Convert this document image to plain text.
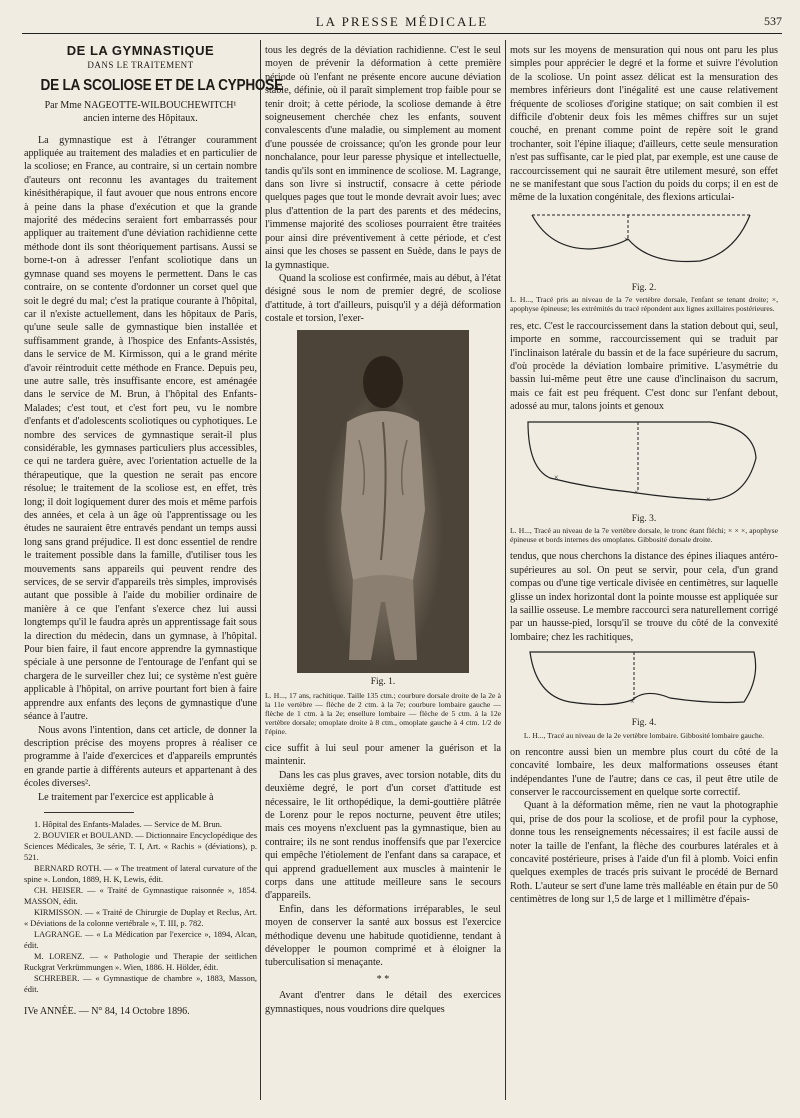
LA PRESSE MÉDICALE	537
DE LA GYMNASTIQUE
DANS LE TRAITEMENT
DE LA SCOLIOSE ET DE LA CYPHOSE
Par Mme NAGEOTTE-WILBOUCHEWITCH¹
ancien interne des Hôpitaux.

La gymnastique est à l'étranger couramment appliquée au traitement des maladies et en particulier de la scoliose; en France, au contraire, si un certain nombre d'auteurs ont reconnu les avantages du traitement kinésithérapique, il faut avouer que nous entrons encore à peine dans la phase d'exécution et que la grande majorité des médecins seraient fort embarrassés pour appliquer au traitement d'une déviation rachidienne cette méthode dont ils sont théoriquement partisans. Aussi se borne-t-on à adresser l'enfant scoliotique dans un gymnase quand ses moyens le permettent. Dans le cas contraire, on se contente d'ordonner un corset quel que soit le degré du mal; c'est la pratique courante à l'hôpital, car il n'existe actuellement, dans les hôpitaux de Paris, qu'une seule salle de gymnastique bien installée et suffisamment grande, à l'hospice des Enfants-Assistés, dans le service de M. Kirmisson, qui a le grand mérite d'avoir réintroduit cette méthode en France. Depuis peu, une autre salle, très insuffisante encore, est aménagée dans le service de M. Brun, à l'hôpital des Enfants-Malades; c'est tout, et c'est fort peu, vu le nombre d'enfants et d'adolescents scoliotiques ou cyphotiques. Le nombre des services de gymnastique serait-il plus considérable, les gymnases particuliers plus accessibles, ce qui ne tardera guère, avec l'orientation actuelle de la thérapeutique, que la question ne serait pas encore résolue; le traitement de la scoliose est, en effet, très long; il doit logiquement durer des mois et même parfois des années, et cela à un âge où l'apprentissage ou les études ne sauraient être entravés pendant un temps aussi long sans grand préjudice. Il est donc essentiel de rendre le traitement possible dans la famille, d'utiliser tous les mouvements sans appareils qui peuvent rendre des services, de se servir d'appareils très simples, improvisés autant que possible à l'aide du mobilier ordinaire de manière à ce que l'enfant s'exerce chez lui aussi longtemps qu'il le faudra après un apprentissage fait sous la direction du médecin, dans un gymnase, à l'hôpital. Pour bien faire, il faut encore apprendre la gymnastique spéciale à une personne de l'entourage de l'enfant qui se chargera de le surveiller chez lui; ce système n'est guère applicable à l'hôpital, on arrive pourtant fort bien à faire apprendre aux enfants des leçons de gymnastique d'une séance à l'autre.

Nous avons l'intention, dans cet article, de donner la description précise des moyens propres à réaliser ce programme à l'aide d'exercices et d'appareils empruntés en grande partie à différents auteurs et appartenant à des écoles diverses².

Le traitement par l'exercice est applicable à

1. Hôpital des Enfants-Malades. — Service de M. Brun.
2. BOUVIER et BOULAND. — Dictionnaire Encyclopédique des Sciences Médicales, 3e série, T. I, Art. « Rachis » (déviations), p. 521.
BERNARD ROTH. — « The treatment of lateral curvature of the spine ». London, 1889, H. K, Lewis, édit.
CH. HEISER. — « Traité de Gymnastique raisonnée », 1854. MASSON, édit.
KIRMISSON. — « Traité de Chirurgie de Duplay et Reclus, Art. « Déviations de la colonne vertébrale », T. III, p. 782.
LAGRANGE. — « La Médication par l'exercice », 1894, Alcan, édit.
M. LORENZ. — « Pathologie und Therapie der seitlichen Ruckgrat Verkrümmungen ». Wien, 1886. H. Hölder, édit.
SCHREBER. — « Gymnastique de chambre », 1883, Masson, édit.
IVe ANNÉE. — N° 84, 14 Octobre 1896.

tous les degrés de la déviation rachidienne. C'est le seul moyen de prévenir la déformation à cette première période où l'enfant ne présente encore aucune déviation stable, définie, où il paraît simplement trop faible pour se tenir droit; à cette période, la scoliose demande à être soigneusement cherchée chez les enfants, souvent convalescents d'une maladie, ou simplement au moment d'une poussée de croissance; qu'on les gronde pour leur nonchalance, pour leur paresse physique et intellectuelle, tandis qu'ils sont en imminence de scoliose. M. Lagrange, dans son livre si instructif, consacre à cette période quelques pages que tout le monde devrait avoir lues; avec plus d'attention de la part des parents et des médecins, l'immense majorité des scolioses pourraient être traitées pour ainsi dire préventivement à cette période, et c'est ainsi que les choses se passent en Suède, dans le pays de la gymnastique.

Quand la scoliose est confirmée, mais au début, à l'état désigné sous le nom de premier degré, de scoliose d'attitude, à tort d'ailleurs, puisqu'il y a déjà déformation costale et torsion, l'exer-

Fig. 1.
L. H..., 17 ans, rachitique. Taille 135 ctm.; courbure dorsale droite de la 2e à la 11e vertèbre — flèche de 2 ctm. à la 7e; courbure lombaire gauche — flèche de 1 ctm. à la 2e; ensellure lombaire — flèche de 5 ctm. à la 12e vertèbre dorsale; omoplate droite à 8 ctm., omoplate gauche à 4 ctm. 1/2 de l'épine.

cice suffit à lui seul pour amener la guérison et la maintenir.

Dans les cas plus graves, avec torsion notable, dits du deuxième degré, le port d'un corset d'attitude est nécessaire, le lit orthopédique, la demi-gouttière plâtrée de Lorenz pour le repos nocturne, peuvent être utiles; mais ces moyens n'excluent pas la gymnastique, bien au contraire; ils ne sont rendus inoffensifs que par l'exercice qui empêche l'étiolement de l'enfant dans sa carapace, et qui apprend graduellement aux muscles à maintenir le corps dans une attitude meilleure sans le secours d'appareils.

Enfin, dans les déformations irréparables, le seul moyen de conserver la santé aux bossus est l'exercice méthodique devenu une habitude quotidienne, tendant à développer le poumon comprimé et à éloigner la tuberculisation si menaçante.

* *

Avant d'entrer dans le détail des exercices gymnastiques, nous voudrions dire quelques

mots sur les moyens de mensuration qui nous ont paru les plus simples pour apprécier le degré et la forme et suivre l'évolution de la scoliose. Un point assez délicat est la mensuration des membres inférieurs dont l'inégalité est une cause relativement fréquente de scolioses d'origine statique; on sait combien il est difficile d'obtenir deux fois les mêmes chiffres sur un sujet couché, en prenant comme point de repère soit le grand trochanter, soit l'épine iliaque; d'ailleurs, cette seule mensuration n'est pas suffisante, car le pied plat, par exemple, est une cause de raccourcissement qui ne saurait être utilement mesuré, son effet ne se manifestant que sous l'action du poids du corps; il en est de même de la luxation congénitale, des flexions articulai-

×
Fig. 2.
L. H..., Tracé pris au niveau de la 7e vertèbre dorsale, l'enfant se tenant droite; ×, apophyse épineuse; les extrémités du tracé répondent aux lignes axillaires postérieures.

res, etc. C'est le raccourcissement dans la station debout qui, seul, importe en somme, raccourcissement qui se traduit par l'inclinaison latérale du bassin et de la face supérieure du sacrum, d'où procède la déviation lombaire primitive. L'asymétrie du bassin lui-même peut être une cause d'inclinaison du sacrum, mais ce fait est peu fréquent. C'est donc sur l'enfant debout, adossé au mur, talons joints et genoux

×
×
×
Fig. 3.
L. H..., Tracé au niveau de la 7e vertèbre dorsale, le tronc étant fléchi; × × ×, apophyse épineuse et bords internes des omoplates. Gibbosité dorsale droite.

tendus, que nous cherchons la distance des épines iliaques antéro-supérieures au sol. On peut se servir, pour cela, d'un grand compas ou d'une tige verticale divisée en centimètres, sur laquelle glisse un index horizontal dont la pointe mousse est appliquée sur la saillie osseuse. Le membre raccourci sera naturellement corrigé par un hausse-pied, lorsqu'il se trouve du côté de la convexité lombaire; chez les rachitiques,

×
Fig. 4.
L. H..., Tracé au niveau de la 2e vertèbre lombaire. Gibbosité lombaire gauche.

on rencontre aussi bien un membre plus court du côté de la concavité lombaire, les deux malformations osseuses étant indépendantes l'une de l'autre; dans ce cas, il peut être utile de conserver le raccourcissement en quelque sorte correctif.

Quant à la déformation même, rien ne vaut la photographie qui, prise de dos pour la scoliose, et de profil pour la cyphose, donne tous les renseignements nécessaires; il est facile aussi de noter la taille de l'enfant, la flèche des courbures latérales et à concavité postérieure, prises à l'aide d'un fil à plomb. Voici enfin quelques exemples de tracés pris suivant le procédé de Bernard Roth. L'auteur se sert d'une lame très malléable en étain pur de 50 centimètres de long sur 1,5 de large et 1 millimètre d'épais-
